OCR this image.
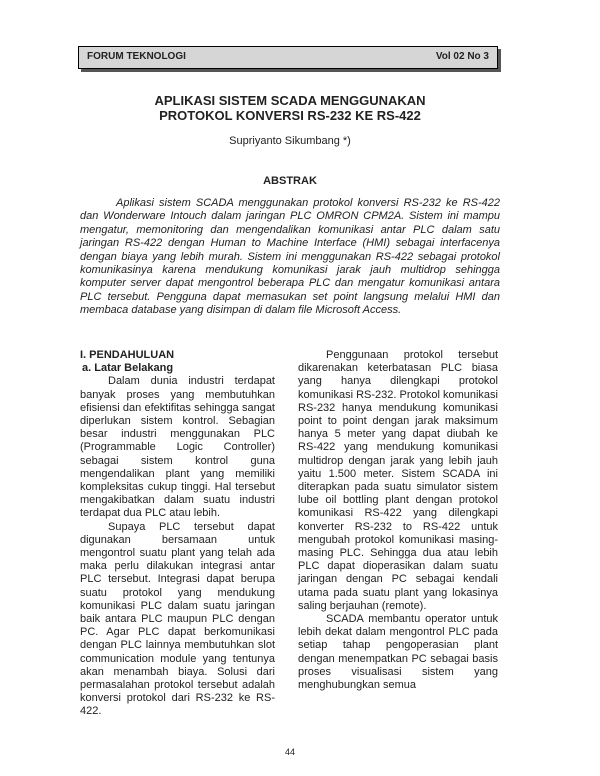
FORUM TEKNOLOGI	Vol 02 No 3
APLIKASI SISTEM SCADA MENGGUNAKAN
PROTOKOL KONVERSI RS-232 KE RS-422
Supriyanto Sikumbang *)
ABSTRAK

Aplikasi sistem SCADA menggunakan protokol konversi RS-232 ke RS-422 dan Wonderware Intouch dalam jaringan PLC OMRON CPM2A. Sistem ini mampu mengatur, memonitoring dan mengendalikan komunikasi antar PLC dalam satu jaringan RS-422 dengan Human to Machine Interface (HMI) sebagai interfacenya dengan biaya yang lebih murah. Sistem ini menggunakan RS-422 sebagai protokol komunikasinya karena mendukung komunikasi jarak jauh multidrop sehingga komputer server dapat mengontrol beberapa PLC dan mengatur komunikasi antara PLC tersebut. Pengguna dapat memasukan set point langsung melalui HMI dan membaca database yang disimpan di dalam file Microsoft Access.

I. PENDAHULUAN
a. Latar Belakang

Dalam dunia industri terdapat banyak proses yang membutuhkan efisiensi dan efektifitas sehingga sangat diperlukan sistem kontrol. Sebagian besar industri menggunakan PLC (Programmable Logic Controller) sebagai sistem kontrol guna mengendalikan plant yang memiliki kompleksitas cukup tinggi. Hal tersebut mengakibatkan dalam suatu industri terdapat dua PLC atau lebih.

Supaya PLC tersebut dapat digunakan bersamaan untuk mengontrol suatu plant yang telah ada maka perlu dilakukan integrasi antar PLC tersebut. Integrasi dapat berupa suatu protokol yang mendukung komunikasi PLC dalam suatu jaringan baik antara PLC maupun PLC dengan PC. Agar PLC dapat berkomunikasi dengan PLC lainnya membutuhkan slot communication module yang tentunya akan menambah biaya. Solusi dari permasalahan protokol tersebut adalah konversi protokol dari RS-232 ke RS-422.

Penggunaan protokol tersebut dikarenakan keterbatasan PLC biasa yang hanya dilengkapi protokol komunikasi RS-232. Protokol komunikasi RS-232 hanya mendukung komunikasi point to point dengan jarak maksimum hanya 5 meter yang dapat diubah ke RS-422 yang mendukung komunikasi multidrop dengan jarak yang lebih jauh yaitu 1.500 meter. Sistem SCADA ini diterapkan pada suatu simulator sistem lube oil bottling plant dengan protokol komunikasi RS-422 yang dilengkapi konverter RS-232 to RS-422 untuk mengubah protokol komunikasi masing-masing PLC. Sehingga dua atau lebih PLC dapat dioperasikan dalam suatu jaringan dengan PC sebagai kendali utama pada suatu plant yang lokasinya saling berjauhan (remote).

SCADA membantu operator untuk lebih dekat dalam mengontrol PLC pada setiap tahap pengoperasian plant dengan menempatkan PC sebagai basis proses visualisasi sistem yang menghubungkan semua

44
